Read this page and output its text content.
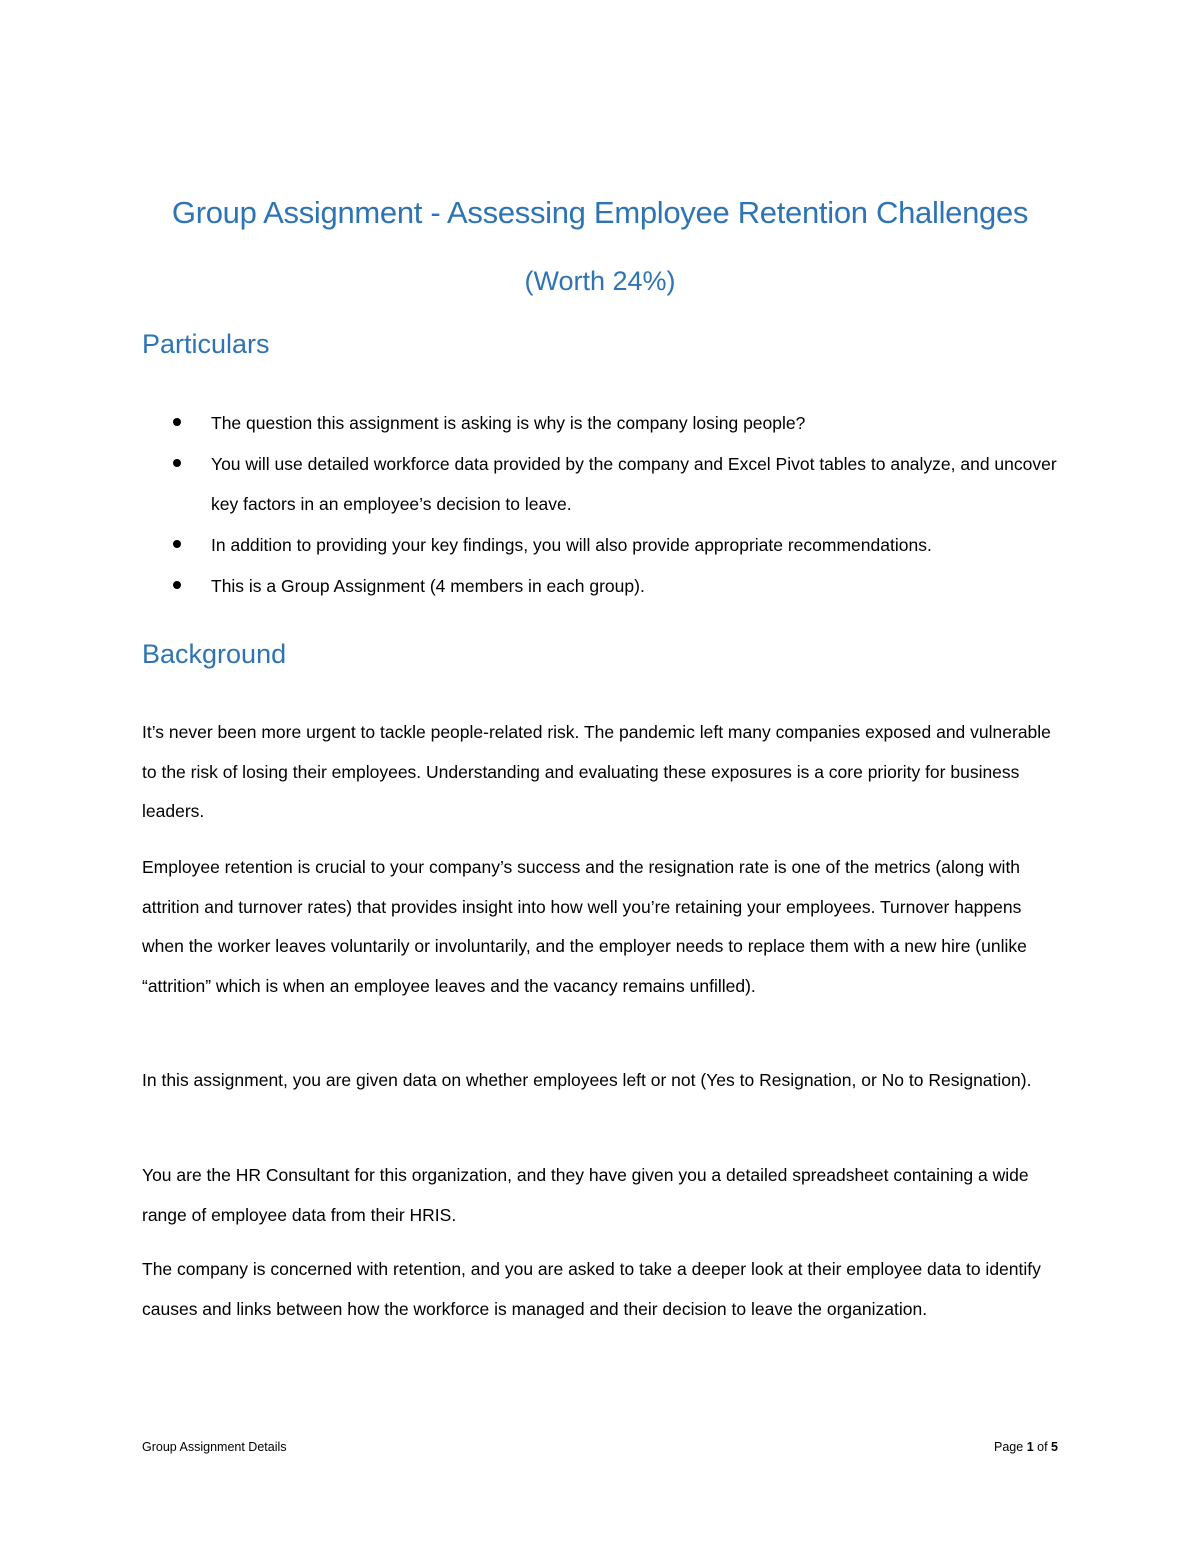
Group Assignment - Assessing Employee Retention Challenges
(Worth 24%)
Particulars
The question this assignment is asking is why is the company losing people?
You will use detailed workforce data provided by the company and Excel Pivot tables to analyze, and uncover key factors in an employee’s decision to leave.
In addition to providing your key findings, you will also provide appropriate recommendations.
This is a Group Assignment (4 members in each group).
Background

It’s never been more urgent to tackle people-related risk. The pandemic left many companies exposed and vulnerable to the risk of losing their employees. Understanding and evaluating these exposures is a core priority for business leaders.

Employee retention is crucial to your company’s success and the resignation rate is one of the metrics (along with attrition and turnover rates) that provides insight into how well you’re retaining your employees. Turnover happens when the worker leaves voluntarily or involuntarily, and the employer needs to replace them with a new hire (unlike “attrition” which is when an employee leaves and the vacancy remains unfilled).

In this assignment, you are given data on whether employees left or not (Yes to Resignation, or No to Resignation).

You are the HR Consultant for this organization, and they have given you a detailed spreadsheet containing a wide range of employee data from their HRIS.

The company is concerned with retention, and you are asked to take a deeper look at their employee data to identify causes and links between how the workforce is managed and their decision to leave the organization.

Group Assignment Details	Page 1 of 5
